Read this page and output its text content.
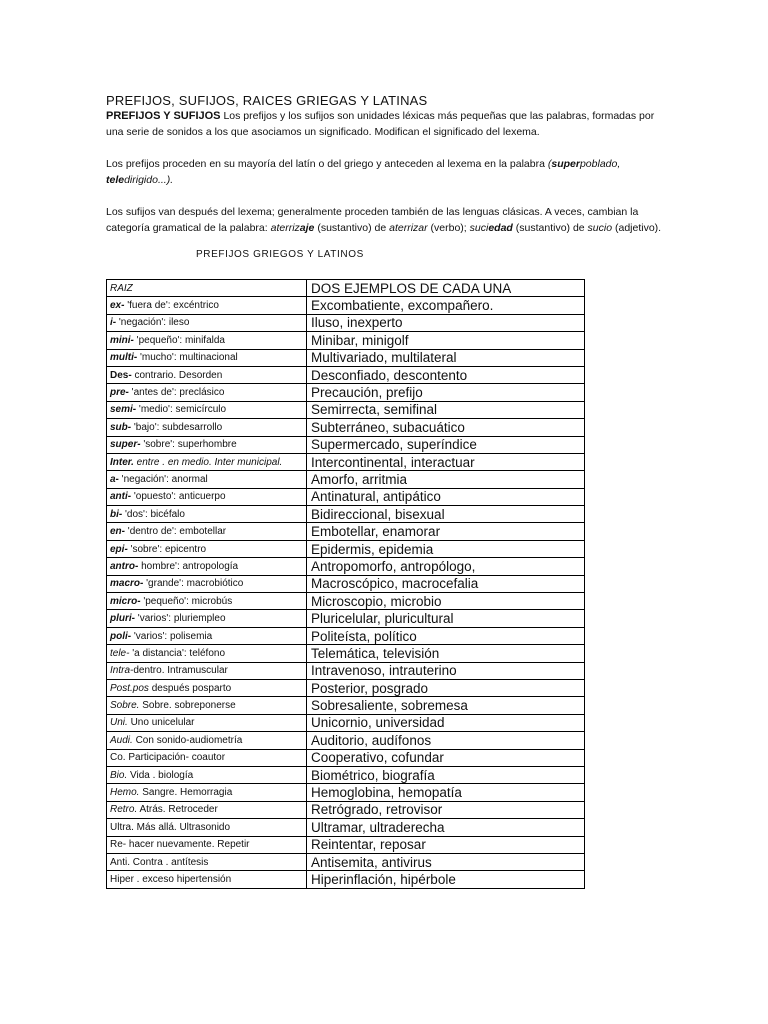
PREFIJOS, SUFIJOS, RAICES GRIEGAS Y LATINAS
PREFIJOS Y SUFIJOS Los prefijos y los sufijos son unidades léxicas más pequeñas que las palabras, formadas por una serie de sonidos a los que asociamos un significado. Modifican el significado del lexema.
Los prefijos proceden en su mayoría del latín o del griego y anteceden al lexema en la palabra (superpoblado,
teledirigido...).
Los sufijos van después del lexema; generalmente proceden también de las lenguas clásicas. A veces, cambian la categoría gramatical de la palabra: aterrizaje (sustantivo) de aterrizar (verbo); suciedad (sustantivo) de sucio (adjetivo).
PREFIJOS GRIEGOS Y LATINOS
RAIZ	DOS EJEMPLOS DE CADA UNA
ex- 'fuera de': excéntrico	Excombatiente, excompañero.
i- 'negación': ileso	Iluso, inexperto
mini- 'pequeño': minifalda	Minibar, minigolf
multi- 'mucho': multinacional	Multivariado, multilateral
Des- contrario. Desorden	Desconfiado, descontento
pre- 'antes de': preclásico	Precaución, prefijo
semi- 'medio': semicírculo	Semirrecta, semifinal
sub- 'bajo': subdesarrollo	Subterráneo, subacuático
super- 'sobre': superhombre	Supermercado, superíndice
Inter. entre . en medio. Inter municipal.	Intercontinental, interactuar
a- 'negación': anormal	Amorfo, arritmia
anti- 'opuesto': anticuerpo	Antinatural, antipático
bi- 'dos': bicéfalo	Bidireccional, bisexual
en- 'dentro de': embotellar	Embotellar, enamorar
epi- 'sobre': epicentro	Epidermis, epidemia
antro- hombre': antropología	Antropomorfo, antropólogo,
macro- 'grande': macrobiótico	Macroscópico, macrocefalia
micro- 'pequeño': microbús	Microscopio, microbio
pluri- 'varios': pluriempleo	Pluricelular, pluricultural
poli- 'varios': polisemia	Politeísta, político
tele- 'a distancia': teléfono	Telemática, televisión
Intra-dentro. Intramuscular	Intravenoso, intrauterino
Post.pos después posparto	Posterior, posgrado
Sobre. Sobre. sobreponerse	Sobresaliente, sobremesa
Uni. Uno unicelular	Unicornio, universidad
Audi. Con sonido-audiometría	Auditorio, audífonos
Co. Participación- coautor	Cooperativo, cofundar
Bio. Vida . biología	Biométrico, biografía
Hemo. Sangre. Hemorragia	Hemoglobina, hemopatía
Retro. Atrás. Retroceder	Retrógrado, retrovisor
Ultra. Más allá. Ultrasonido	Ultramar, ultraderecha
Re- hacer nuevamente. Repetir	Reintentar, reposar
Anti. Contra . antítesis	Antisemita, antivirus
Hiper . exceso hipertensión	Hiperinflación, hipérbole
